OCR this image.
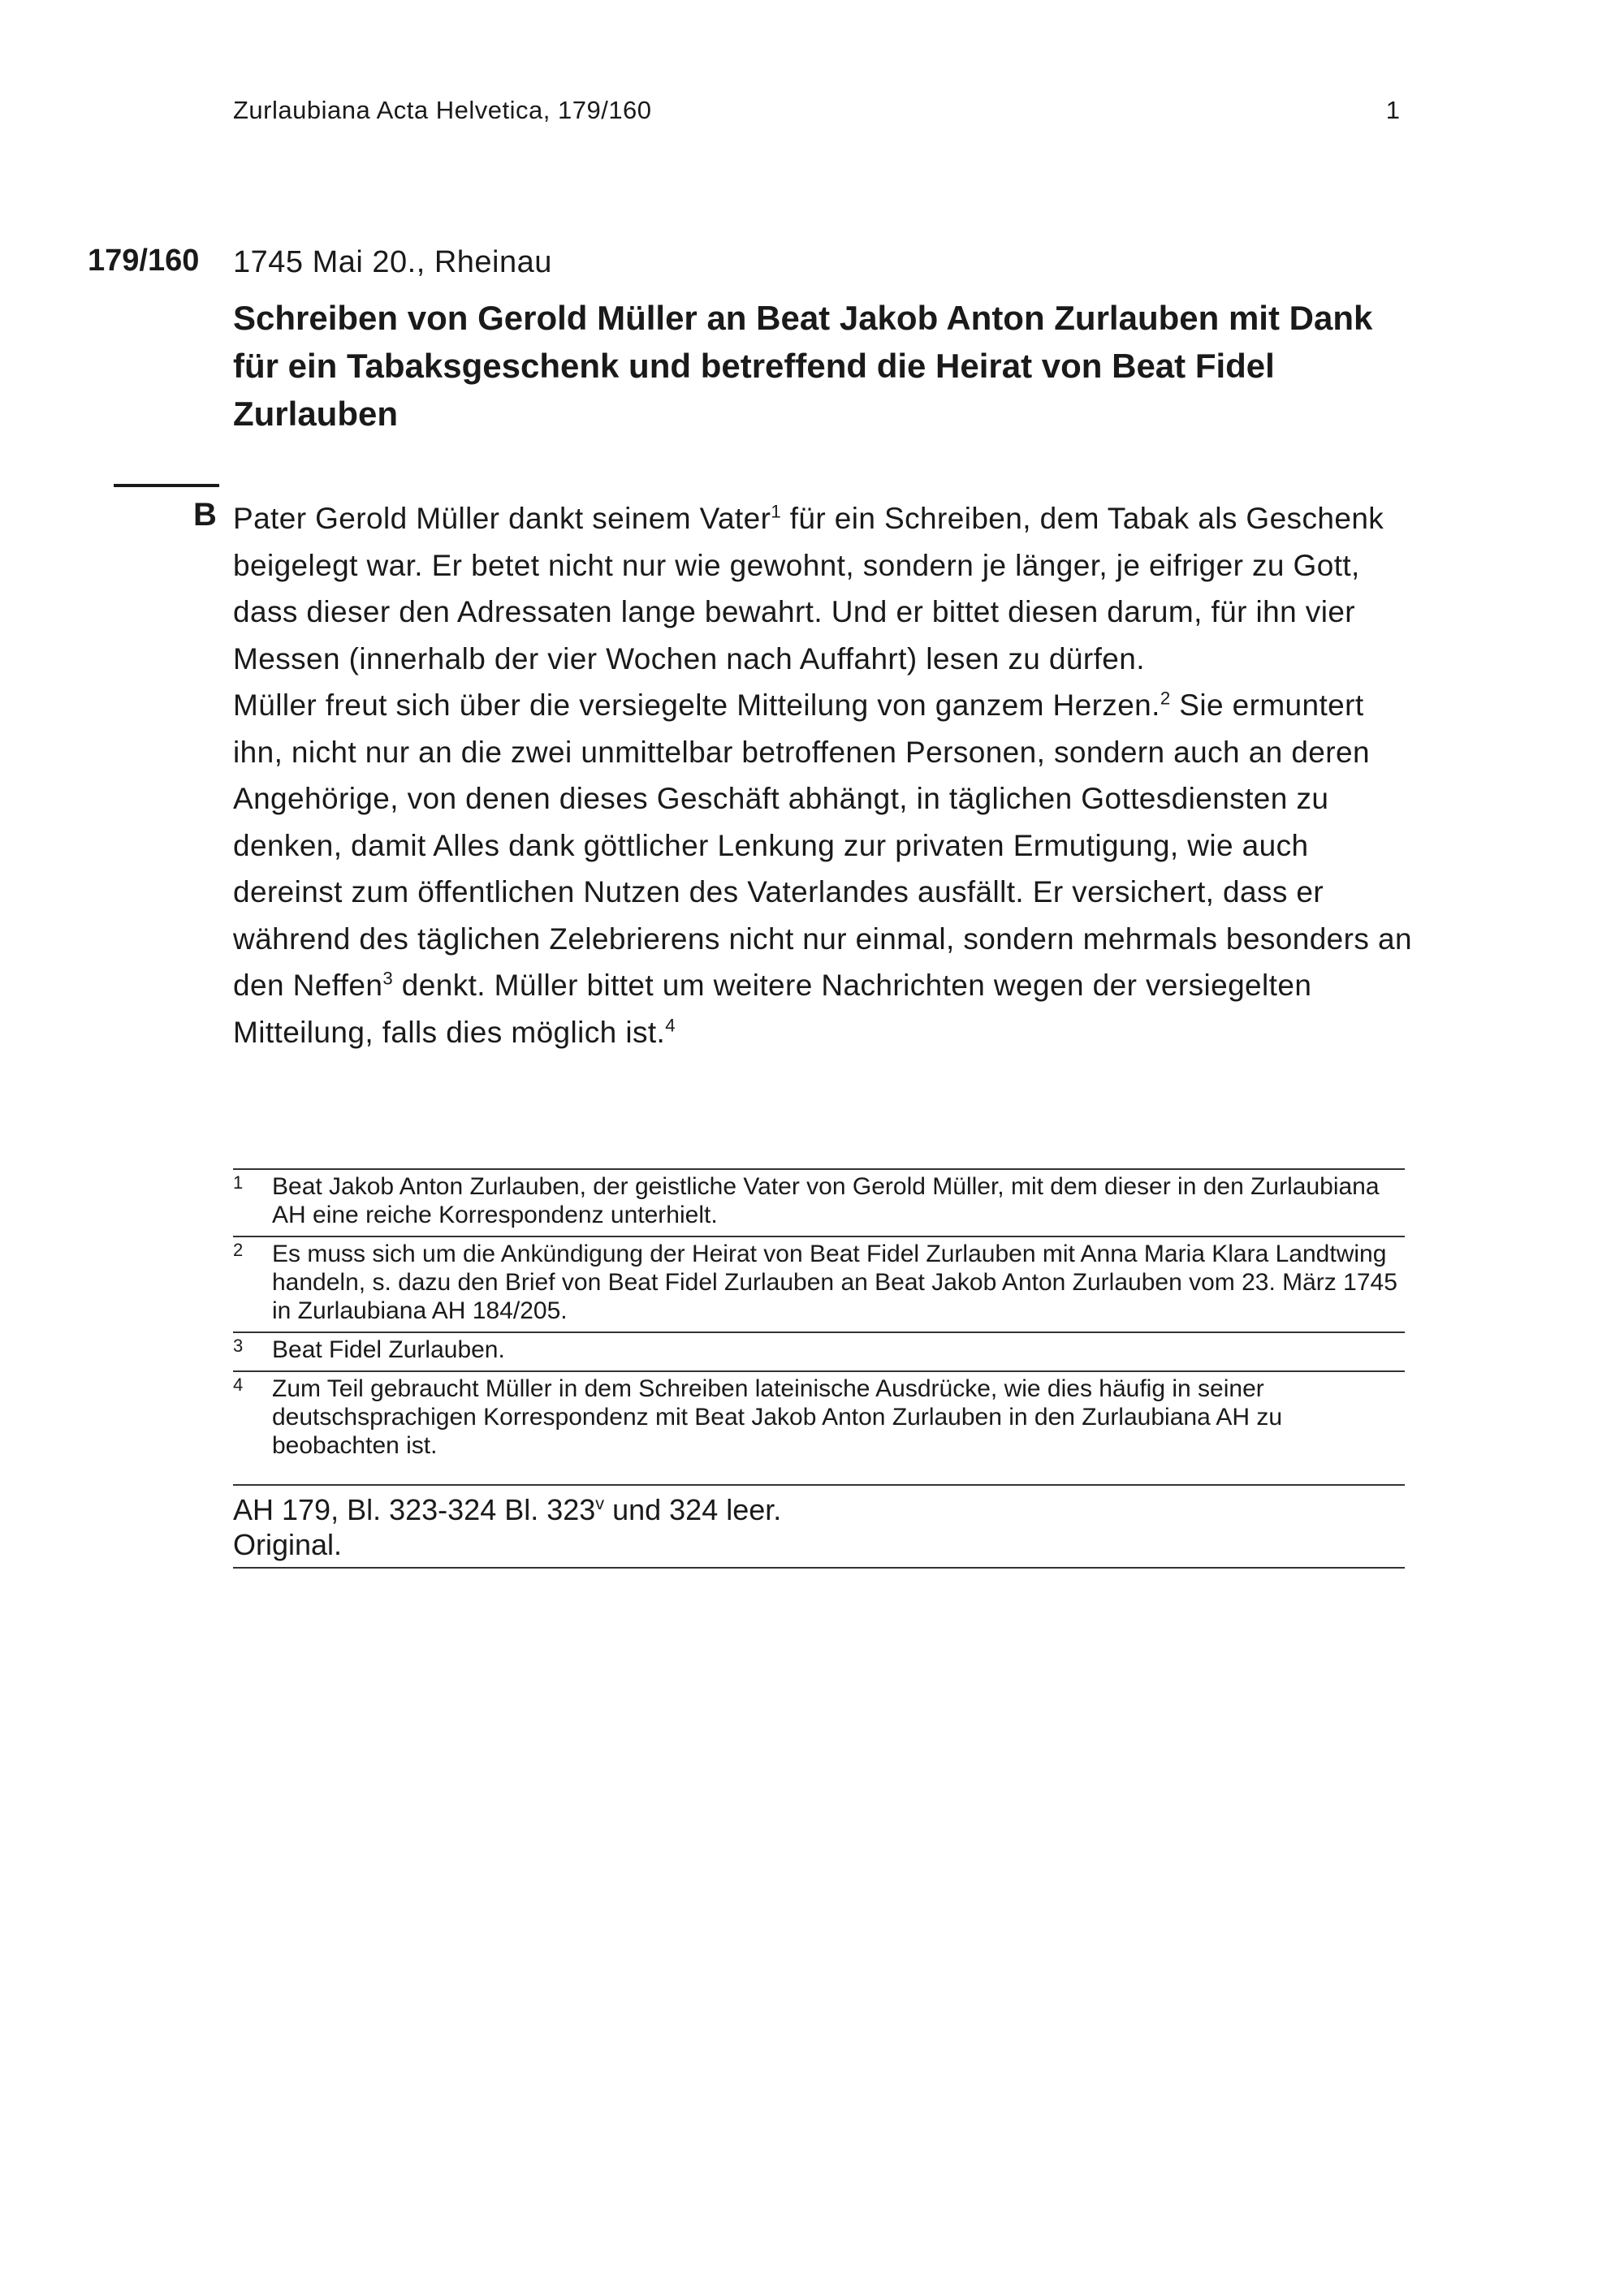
Zurlaubiana Acta Helvetica, 179/160	1
179/160 1745 Mai 20., Rheinau
Schreiben von Gerold Müller an Beat Jakob Anton Zurlauben mit Dank für ein Tabaksgeschenk und betreffend die Heirat von Beat Fidel Zurlauben
B Pater Gerold Müller dankt seinem Vater$^1$ für ein Schreiben, dem Tabak als Geschenk beigelegt war. Er betet nicht nur wie gewohnt, sondern je länger, je eifriger zu Gott, dass dieser den Adressaten lange bewahrt. Und er bittet diesen darum, für ihn vier Messen (innerhalb der vier Wochen nach Auffahrt) lesen zu dürfen.

Müller freut sich über die versiegelte Mitteilung von ganzem Herzen.$^2$ Sie ermuntert ihn, nicht nur an die zwei unmittelbar betroffenen Personen, sondern auch an deren Angehörige, von denen dieses Geschäft abhängt, in täglichen Gottesdiensten zu denken, damit Alles dank göttlicher Lenkung zur privaten Ermutigung, wie auch dereinst zum öffentlichen Nutzen des Vaterlandes ausfällt. Er versichert, dass er während des täglichen Zelebrierens nicht nur einmal, sondern mehrmals besonders an den Neffen$^3$ denkt. Müller bittet um weitere Nachrichten wegen der versiegelten Mitteilung, falls dies möglich ist.$^4$

1	Beat Jakob Anton Zurlauben, der geistliche Vater von Gerold Müller, mit dem dieser in den Zurlaubiana AH eine reiche Korrespondenz unterhielt.
2	Es muss sich um die Ankündigung der Heirat von Beat Fidel Zurlauben mit Anna Maria Klara Landtwing handeln, s. dazu den Brief von Beat Fidel Zurlauben an Beat Jakob Anton Zurlauben vom 23. März 1745 in Zurlaubiana AH 184/205.
3	Beat Fidel Zurlauben.
4	Zum Teil gebraucht Müller in dem Schreiben lateinische Ausdrücke, wie dies häufig in seiner deutschsprachigen Korrespondenz mit Beat Jakob Anton Zurlauben in den Zurlaubiana AH zu beobachten ist.
AH 179, Bl. 323-324 Bl. 323$^v$ und 324 leer.
Original.
